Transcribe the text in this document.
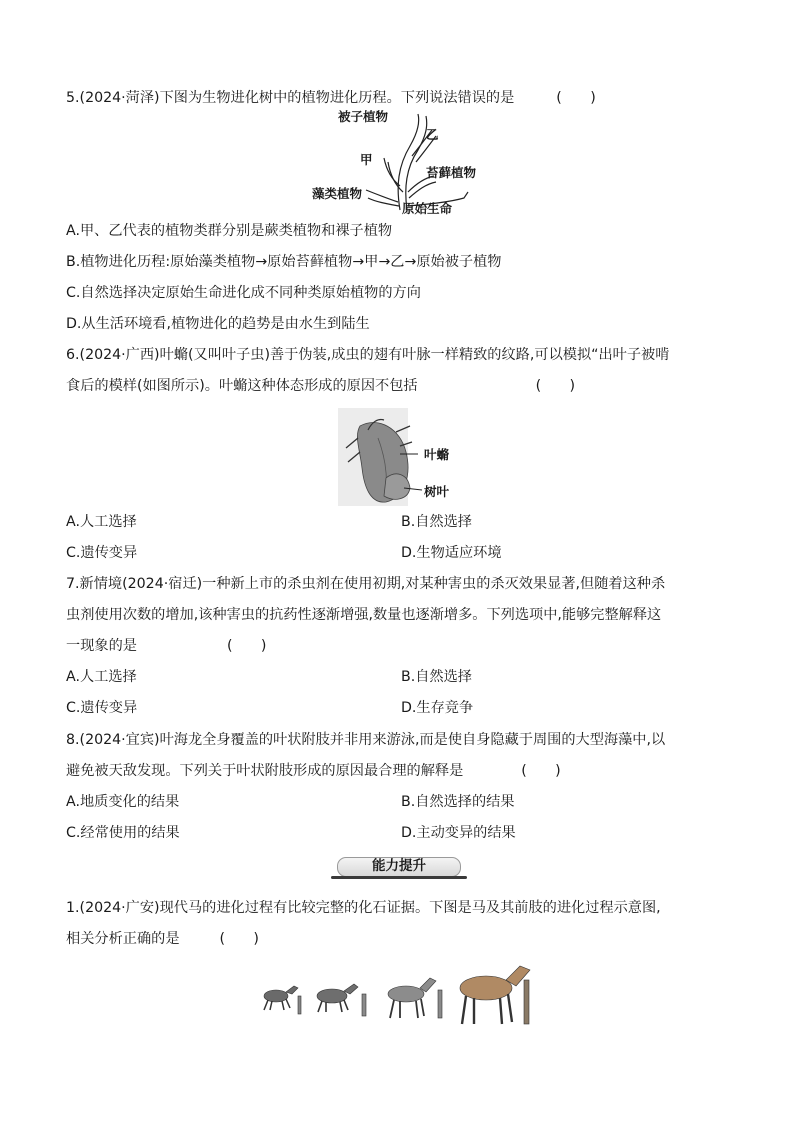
5.(2024·菏泽)下图为生物进化树中的植物进化历程。下列说法错误的是	(　　)
被子植物
乙
甲
苔藓植物
藻类植物
原始生命
A.甲、乙代表的植物类群分别是蕨类植物和裸子植物
B.植物进化历程:原始藻类植物→原始苔藓植物→甲→乙→原始被子植物
C.自然选择决定原始生命进化成不同种类原始植物的方向
D.从生活环境看,植物进化的趋势是由水生到陆生
6.(2024·广西)叶䗛(又叫叶子虫)善于伪装,成虫的翅有叶脉一样精致的纹路,可以模拟“出叶子被啃
食后的模样(如图所示)。叶䗛这种体态形成的原因不包括	(　　)
叶䗛
树叶
A.人工选择	B.自然选择
C.遗传变异	D.生物适应环境
7.新情境(2024·宿迁)一种新上市的杀虫剂在使用初期,对某种害虫的杀灭效果显著,但随着这种杀
虫剂使用次数的增加,该种害虫的抗药性逐渐增强,数量也逐渐增多。下列选项中,能够完整解释这
一现象的是	(　　)
A.人工选择	B.自然选择
C.遗传变异	D.生存竞争
8.(2024·宜宾)叶海龙全身覆盖的叶状附肢并非用来游泳,而是使自身隐藏于周围的大型海藻中,以
避免被天敌发现。下列关于叶状附肢形成的原因最合理的解释是	(　　)
A.地质变化的结果	B.自然选择的结果
C.经常使用的结果	D.主动变异的结果
能力提升
1.(2024·广安)现代马的进化过程有比较完整的化石证据。下图是马及其前肢的进化过程示意图,
相关分析正确的是	(　　)
